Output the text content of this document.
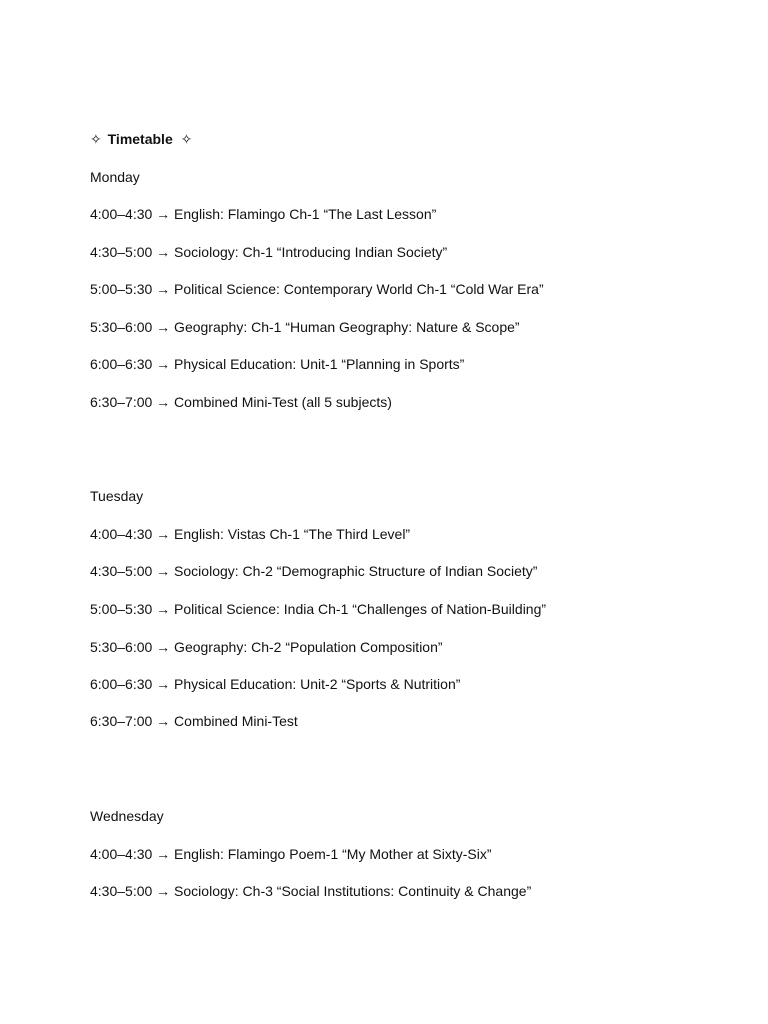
✧ Timetable ✧
Monday
4:00–4:30 → English: Flamingo Ch-1 “The Last Lesson”
4:30–5:00 → Sociology: Ch-1 “Introducing Indian Society”
5:00–5:30 → Political Science: Contemporary World Ch-1 “Cold War Era”
5:30–6:00 → Geography: Ch-1 “Human Geography: Nature & Scope”
6:00–6:30 → Physical Education: Unit-1 “Planning in Sports”
6:30–7:00 → Combined Mini-Test (all 5 subjects)
Tuesday
4:00–4:30 → English: Vistas Ch-1 “The Third Level”
4:30–5:00 → Sociology: Ch-2 “Demographic Structure of Indian Society”
5:00–5:30 → Political Science: India Ch-1 “Challenges of Nation-Building”
5:30–6:00 → Geography: Ch-2 “Population Composition”
6:00–6:30 → Physical Education: Unit-2 “Sports & Nutrition”
6:30–7:00 → Combined Mini-Test
Wednesday
4:00–4:30 → English: Flamingo Poem-1 “My Mother at Sixty-Six”
4:30–5:00 → Sociology: Ch-3 “Social Institutions: Continuity & Change”
